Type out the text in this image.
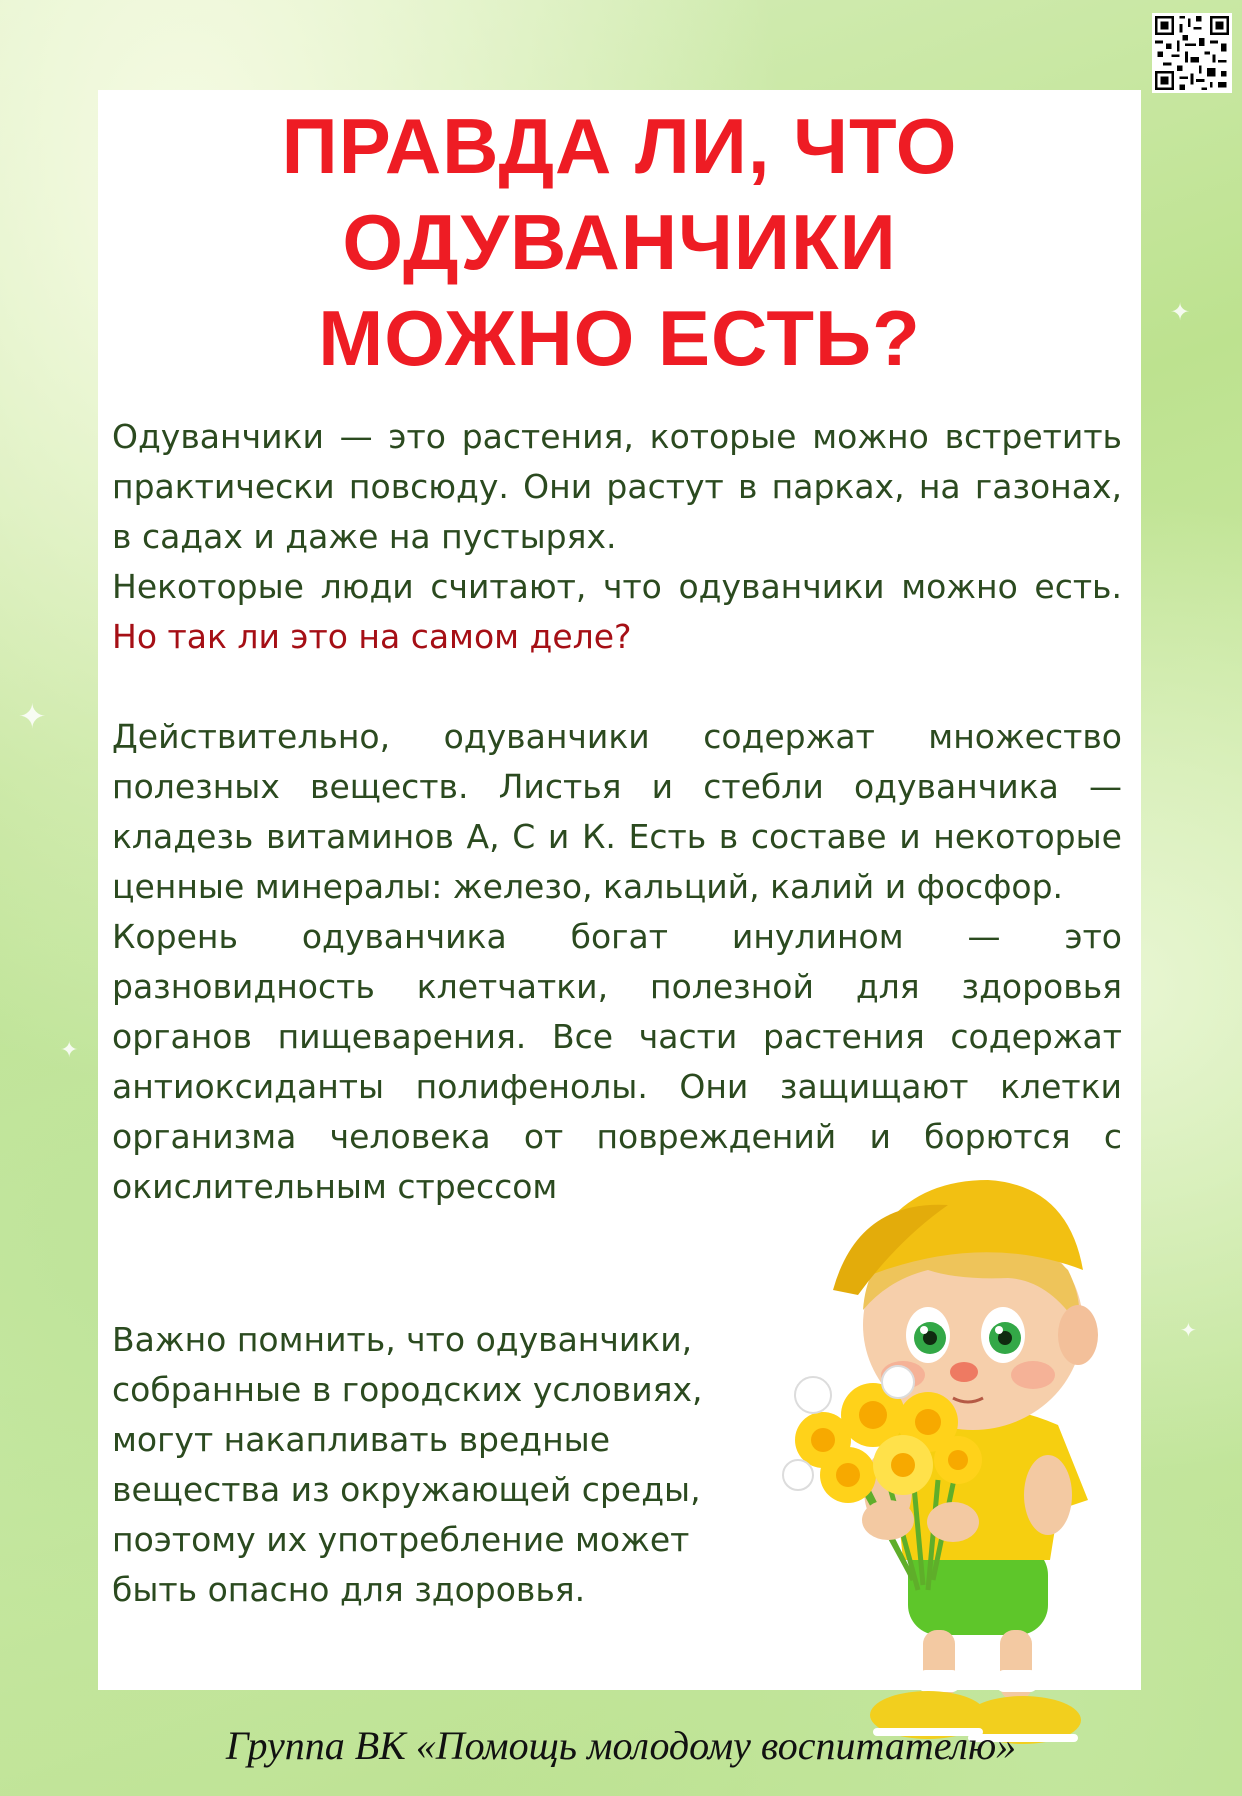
✦
✦
✦
✦
ПРАВДА ЛИ, ЧТО
ОДУВАНЧИКИ
МОЖНО ЕСТЬ?

Одуванчики — это растения, которые можно встретить практически повсюду. Они растут в парках, на газонах, в садах и даже на пустырях.

Некоторые люди считают, что одуванчики можно есть. Но так ли это на самом деле?

Действительно, одуванчики содержат множество полезных веществ. Листья и стебли одуванчика — кладезь витаминов А, С и К. Есть в составе и некоторые ценные минералы: железо, кальций, калий и фосфор.

Корень одуванчика богат инулином — это разновидность клетчатки, полезной для здоровья органов пищеварения. Все части растения содержат антиоксиданты полифенолы. Они защищают клетки организма человека от повреждений и борются с окислительным стрессом

Важно помнить, что одуванчики, собранные в городских условиях, могут накапливать вредные вещества из окружающей среды, поэтому их употребление может быть опасно для здоровья.

Группа ВК «Помощь молодому воспитателю»
